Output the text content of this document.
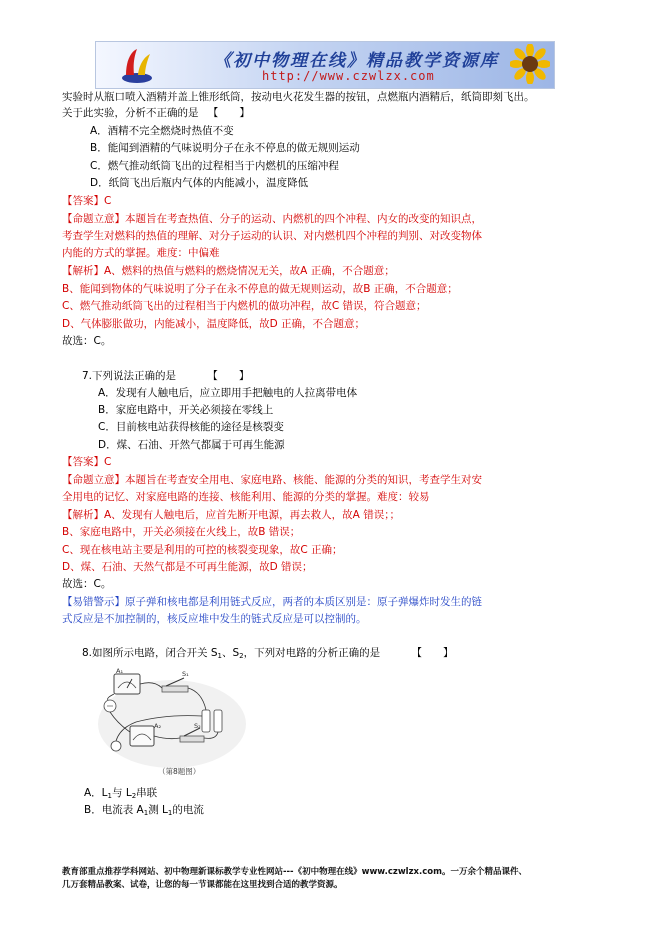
《初中物理在线》精品教学资源库
http://www.czwlzx.com
实验时从瓶口喷入酒精并盖上锥形纸筒，按动电火花发生器的按钮，点燃瓶内酒精后，纸筒即刻飞出。
关于此实验，分析不正确的是 【　　】
A．酒精不完全燃烧时热值不变
B．能闻到酒精的气味说明分子在永不停息的做无规则运动
C．燃气推动纸筒飞出的过程相当于内燃机的压缩冲程
D．纸筒飞出后瓶内气体的内能减小，温度降低
【答案】C
【命题立意】本题旨在考查热值、分子的运动、内燃机的四个冲程、内女的改变的知识点，
考查学生对燃料的热值的理解、对分子运动的认识、对内燃机四个冲程的判别、对改变物体
内能的方式的掌握。难度：中偏难
【解析】A、燃料的热值与燃料的燃烧情况无关，故A 正确，不合题意；
B、能闻到物体的气味说明了分子在永不停息的做无规则运动，故B 正确，不合题意；
C、燃气推动纸筒飞出的过程相当于内燃机的做功冲程，故C 错误，符合题意；
D、气体膨胀做功，内能减小，温度降低，故D 正确，不合题意；
故选：C。
7.下列说法正确的是	【　　】
A．发现有人触电后，应立即用手把触电的人拉离带电体
B．家庭电路中，开关必须接在零线上
C．目前核电站获得核能的途径是核裂变
D．煤、石油、开然气都属于可再生能源
【答案】C
【命题立意】本题旨在考查安全用电、家庭电路、核能、能源的分类的知识，考查学生对安
全用电的记忆、对家庭电路的连接、核能利用、能源的分类的掌握。难度：较易
【解析】A、发现有人触电后，应首先断开电源，再去救人，故A 错误；；
B、家庭电路中，开关必须接在火线上，故B 错误；
C、现在核电站主要是利用的可控的核裂变现象，故C 正确；
D、煤、石油、天然气都是不可再生能源，故D 错误；
故选：C。
【易错警示】原子弹和核电都是利用链式反应，两者的本质区别是：原子弹爆炸时发生的链
式反应是不加控制的，核反应堆中发生的链式反应是可以控制的。
8.如图所示电路，闭合开关 $S_1$、$S_2$，下列对电路的分析正确的是	【　　】
A₁	S₁
S₂
A₂
（第8题图）
A．$L_1$与 $L_2$串联
B．电流表 $A_1$测 $L_1$的电流
教育部重点推荐学科网站、初中物理新课标教学专业性网站---《初中物理在线》www.czwlzx.com。一万余个精品课件、
几万套精品教案、试卷，让您的每一节课都能在这里找到合适的教学资源。
